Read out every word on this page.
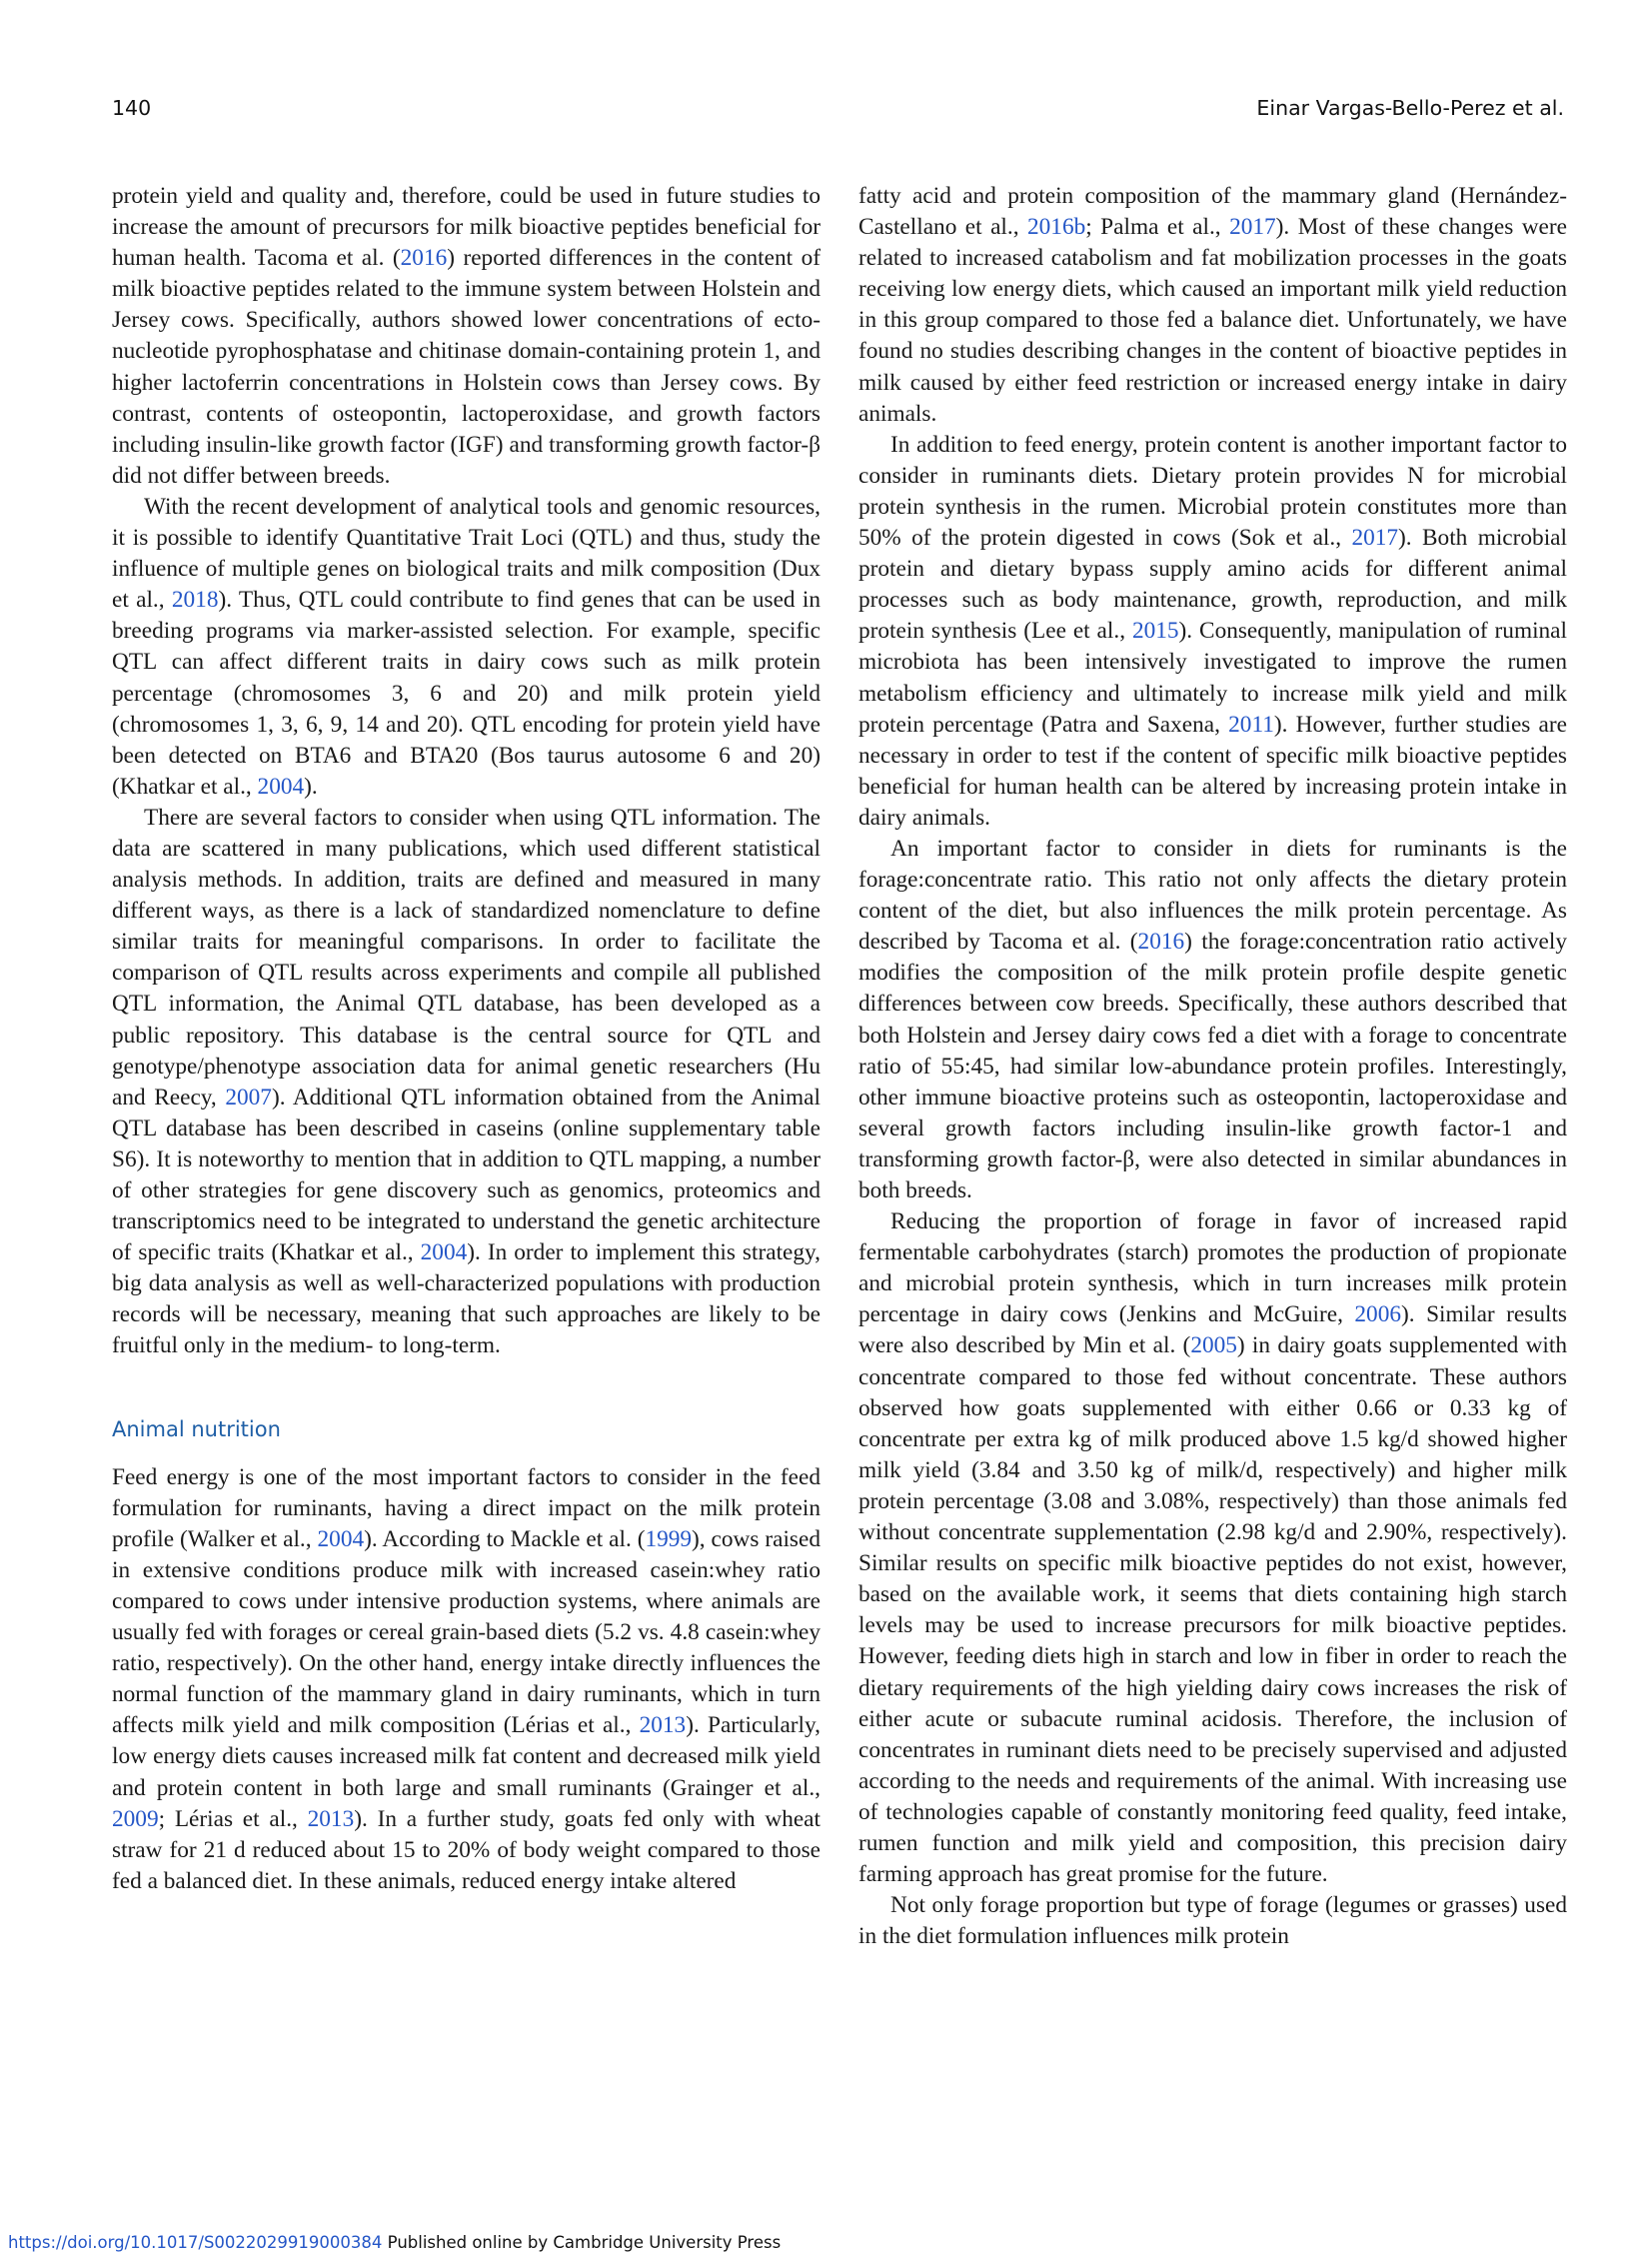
140	Einar Vargas-Bello-Perez et al.

protein yield and quality and, therefore, could be used in future studies to increase the amount of precursors for milk bioactive peptides beneficial for human health. Tacoma et al. (2016) reported differences in the content of milk bioactive peptides related to the immune system between Holstein and Jersey cows. Specifically, authors showed lower concentrations of ecto-nucleotide pyrophosphatase and chitinase domain-containing protein 1, and higher lactoferrin concentrations in Holstein cows than Jersey cows. By contrast, contents of osteopontin, lactoperoxidase, and growth factors including insulin-like growth factor (IGF) and transforming growth factor-β did not differ between breeds.

With the recent development of analytical tools and genomic resources, it is possible to identify Quantitative Trait Loci (QTL) and thus, study the influence of multiple genes on biological traits and milk composition (Dux et al., 2018). Thus, QTL could contribute to find genes that can be used in breeding programs via marker-assisted selection. For example, specific QTL can affect different traits in dairy cows such as milk protein percentage (chromosomes 3, 6 and 20) and milk protein yield (chromosomes 1, 3, 6, 9, 14 and 20). QTL encoding for protein yield have been detected on BTA6 and BTA20 (Bos taurus autosome 6 and 20) (Khatkar et al., 2004).

There are several factors to consider when using QTL information. The data are scattered in many publications, which used different statistical analysis methods. In addition, traits are defined and measured in many different ways, as there is a lack of standardized nomenclature to define similar traits for meaningful comparisons. In order to facilitate the comparison of QTL results across experiments and compile all published QTL information, the Animal QTL database, has been developed as a public repository. This database is the central source for QTL and genotype/phenotype association data for animal genetic researchers (Hu and Reecy, 2007). Additional QTL information obtained from the Animal QTL database has been described in caseins (online supplementary table S6). It is noteworthy to mention that in addition to QTL mapping, a number of other strategies for gene discovery such as genomics, proteomics and transcriptomics need to be integrated to understand the genetic architecture of specific traits (Khatkar et al., 2004). In order to implement this strategy, big data analysis as well as well-characterized populations with production records will be necessary, meaning that such approaches are likely to be fruitful only in the medium- to long-term.

Animal nutrition

Feed energy is one of the most important factors to consider in the feed formulation for ruminants, having a direct impact on the milk protein profile (Walker et al., 2004). According to Mackle et al. (1999), cows raised in extensive conditions produce milk with increased casein:whey ratio compared to cows under intensive production systems, where animals are usually fed with forages or cereal grain-based diets (5.2 vs. 4.8 casein:whey ratio, respectively). On the other hand, energy intake directly influences the normal function of the mammary gland in dairy ruminants, which in turn affects milk yield and milk composition (Lérias et al., 2013). Particularly, low energy diets causes increased milk fat content and decreased milk yield and protein content in both large and small ruminants (Grainger et al., 2009; Lérias et al., 2013). In a further study, goats fed only with wheat straw for 21 d reduced about 15 to 20% of body weight compared to those fed a balanced diet. In these animals, reduced energy intake altered

fatty acid and protein composition of the mammary gland (Hernández-Castellano et al., 2016b; Palma et al., 2017). Most of these changes were related to increased catabolism and fat mobilization processes in the goats receiving low energy diets, which caused an important milk yield reduction in this group compared to those fed a balance diet. Unfortunately, we have found no studies describing changes in the content of bioactive peptides in milk caused by either feed restriction or increased energy intake in dairy animals.

In addition to feed energy, protein content is another important factor to consider in ruminants diets. Dietary protein provides N for microbial protein synthesis in the rumen. Microbial protein constitutes more than 50% of the protein digested in cows (Sok et al., 2017). Both microbial protein and dietary bypass supply amino acids for different animal processes such as body maintenance, growth, reproduction, and milk protein synthesis (Lee et al., 2015). Consequently, manipulation of ruminal microbiota has been intensively investigated to improve the rumen metabolism efficiency and ultimately to increase milk yield and milk protein percentage (Patra and Saxena, 2011). However, further studies are necessary in order to test if the content of specific milk bioactive peptides beneficial for human health can be altered by increasing protein intake in dairy animals.

An important factor to consider in diets for ruminants is the forage:concentrate ratio. This ratio not only affects the dietary protein content of the diet, but also influences the milk protein percentage. As described by Tacoma et al. (2016) the forage:concentration ratio actively modifies the composition of the milk protein profile despite genetic differences between cow breeds. Specifically, these authors described that both Holstein and Jersey dairy cows fed a diet with a forage to concentrate ratio of 55:45, had similar low-abundance protein profiles. Interestingly, other immune bioactive proteins such as osteopontin, lactoperoxidase and several growth factors including insulin-like growth factor-1 and transforming growth factor-β, were also detected in similar abundances in both breeds.

Reducing the proportion of forage in favor of increased rapid fermentable carbohydrates (starch) promotes the production of propionate and microbial protein synthesis, which in turn increases milk protein percentage in dairy cows (Jenkins and McGuire, 2006). Similar results were also described by Min et al. (2005) in dairy goats supplemented with concentrate compared to those fed without concentrate. These authors observed how goats supplemented with either 0.66 or 0.33 kg of concentrate per extra kg of milk produced above 1.5 kg/d showed higher milk yield (3.84 and 3.50 kg of milk/d, respectively) and higher milk protein percentage (3.08 and 3.08%, respectively) than those animals fed without concentrate supplementation (2.98 kg/d and 2.90%, respectively). Similar results on specific milk bioactive peptides do not exist, however, based on the available work, it seems that diets containing high starch levels may be used to increase precursors for milk bioactive peptides. However, feeding diets high in starch and low in fiber in order to reach the dietary requirements of the high yielding dairy cows increases the risk of either acute or subacute ruminal acidosis. Therefore, the inclusion of concentrates in ruminant diets need to be precisely supervised and adjusted according to the needs and requirements of the animal. With increasing use of technologies capable of constantly monitoring feed quality, feed intake, rumen function and milk yield and composition, this precision dairy farming approach has great promise for the future.

Not only forage proportion but type of forage (legumes or grasses) used in the diet formulation influences milk protein

https://doi.org/10.1017/S0022029919000384 Published online by Cambridge University Press
